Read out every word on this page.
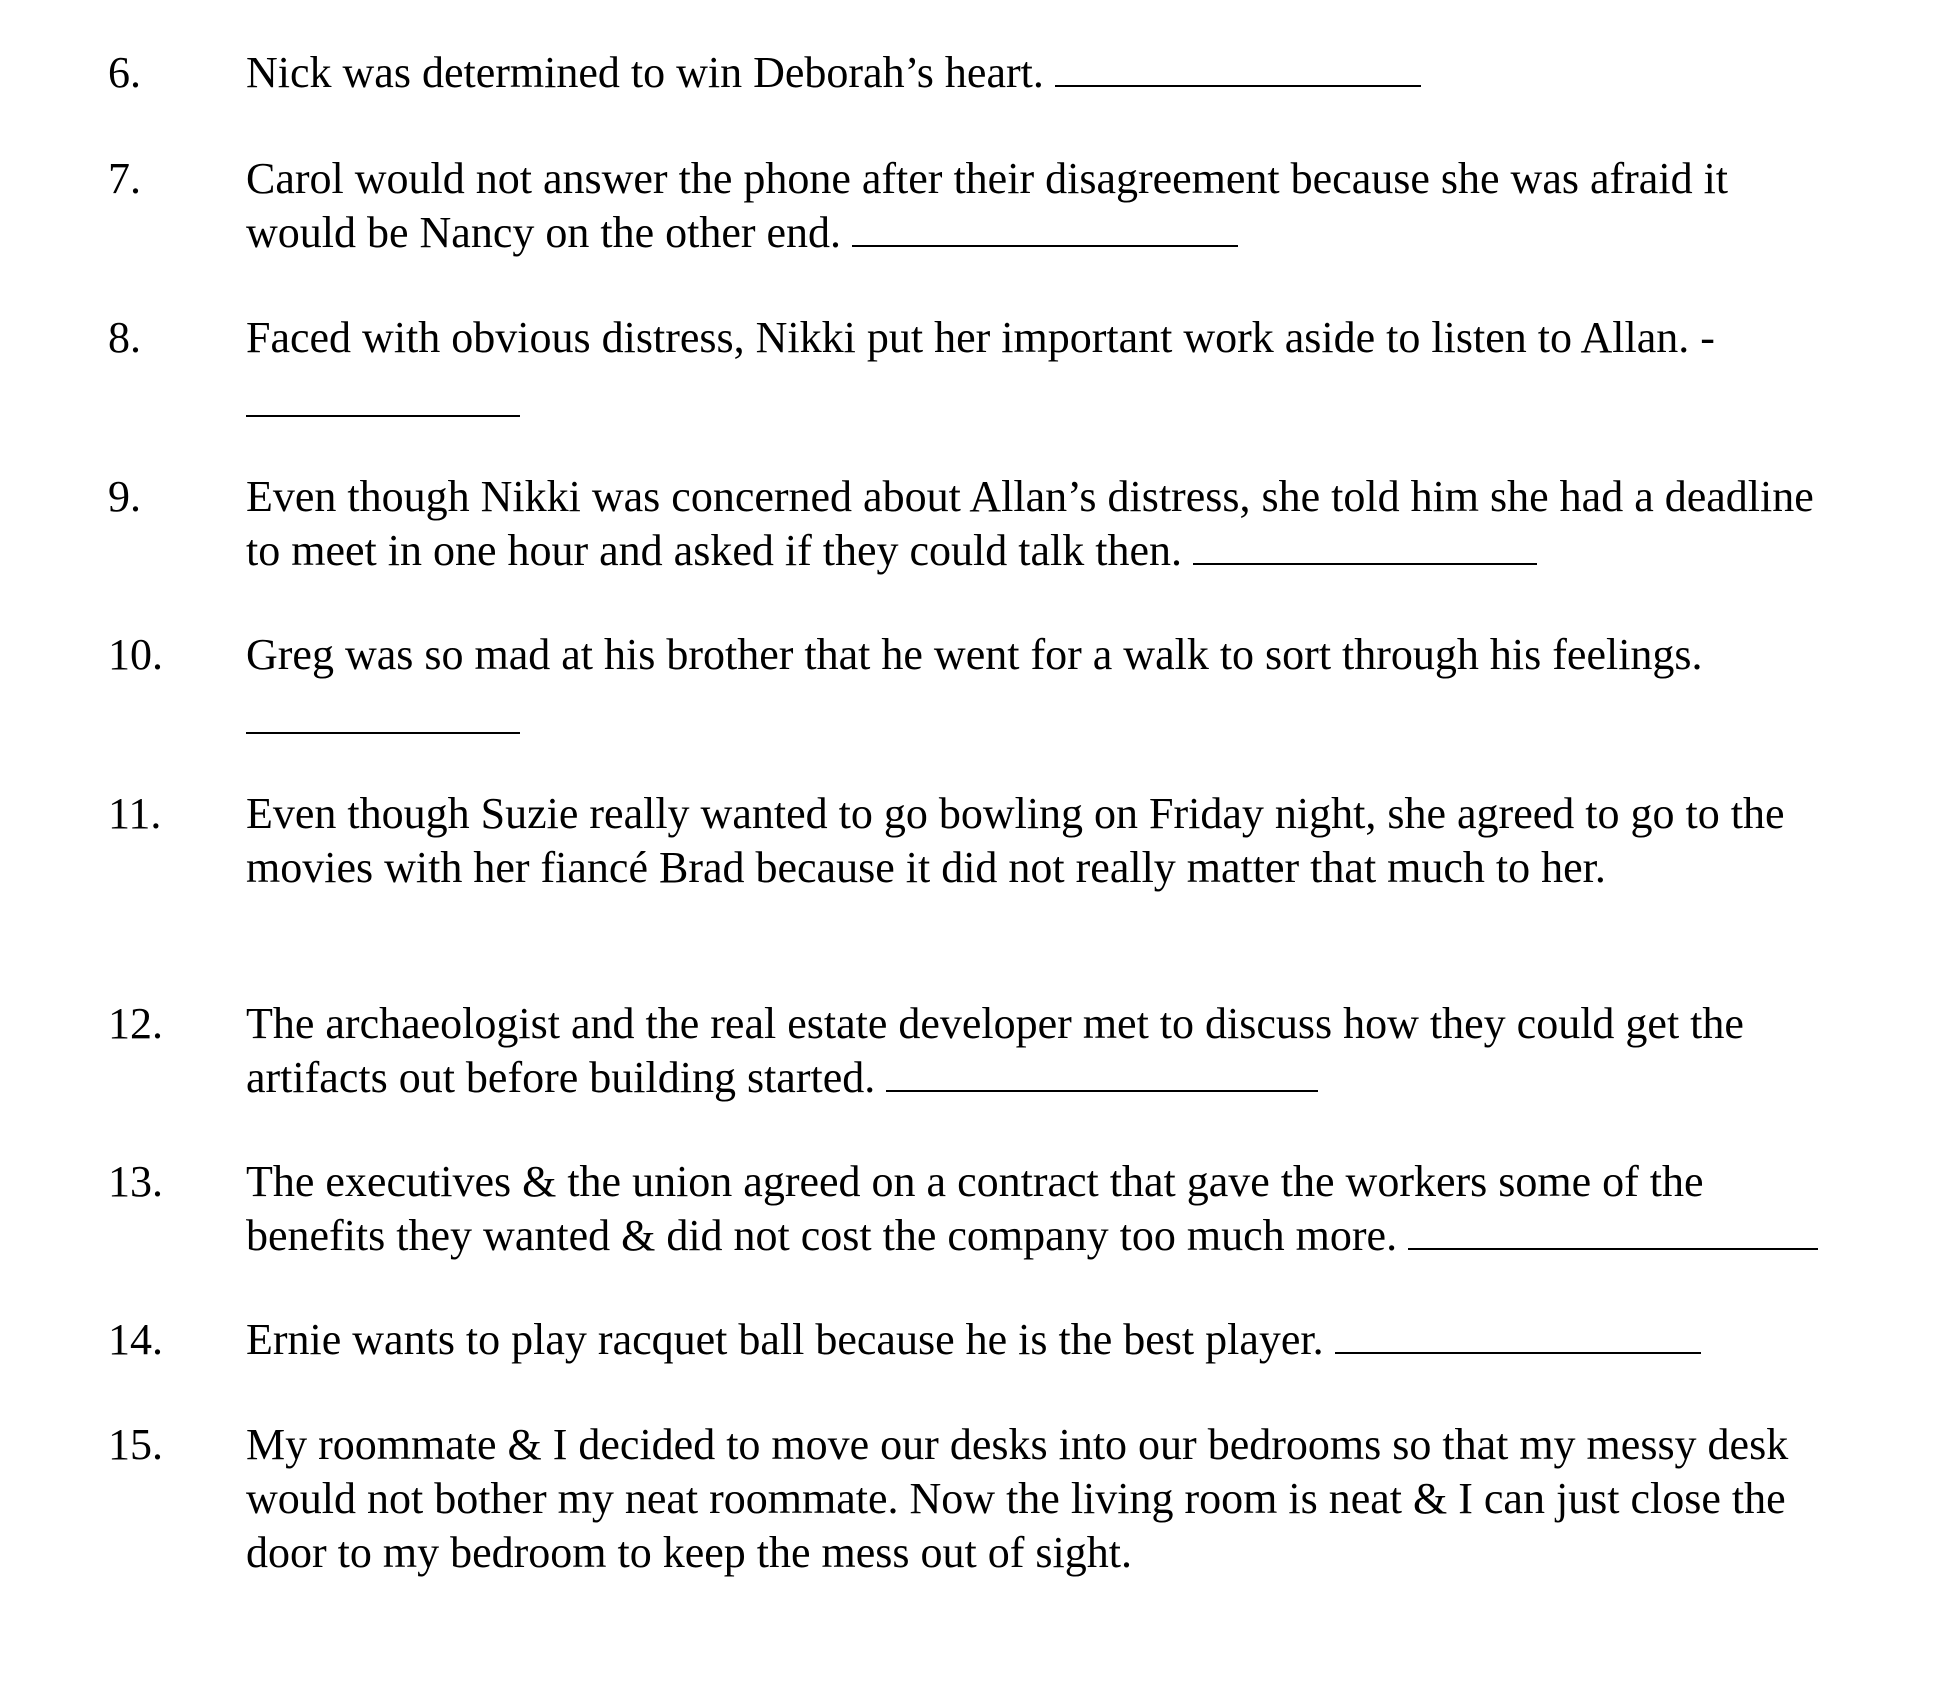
6. Nick was determined to win Deborah’s heart.
7. Carol would not answer the phone after their disagreement because she was afraid it
would be Nancy on the other end.
8. Faced with obvious distress, Nikki put her important work aside to listen to Allan. -
9. Even though Nikki was concerned about Allan’s distress, she told him she had a deadline
to meet in one hour and asked if they could talk then.
10. Greg was so mad at his brother that he went for a walk to sort through his feelings.
11. Even though Suzie really wanted to go bowling on Friday night, she agreed to go to the
movies with her fiancé Brad because it did not really matter that much to her.
12. The archaeologist and the real estate developer met to discuss how they could get the
artifacts out before building started.
13. The executives & the union agreed on a contract that gave the workers some of the
benefits they wanted & did not cost the company too much more.
14. Ernie wants to play racquet ball because he is the best player.
15. My roommate & I decided to move our desks into our bedrooms so that my messy desk
would not bother my neat roommate. Now the living room is neat & I can just close the
door to my bedroom to keep the mess out of sight.
